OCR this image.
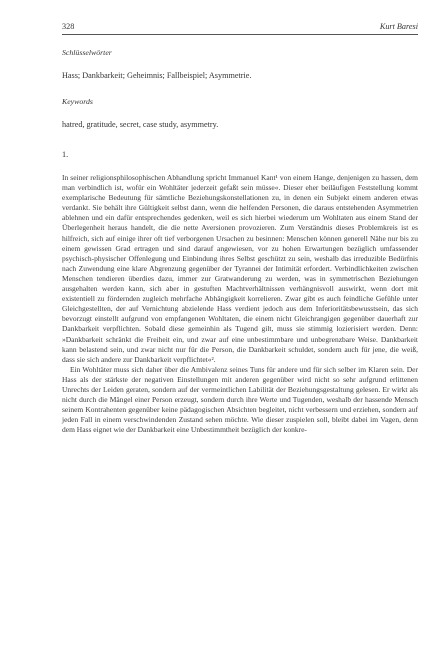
328	Kurt Baresi
Schlüsselwörter
Hass; Dankbarkeit; Geheimnis; Fallbeispiel; Asymmetrie.
Keywords
hatred, gratitude, secret, case study, asymmetry.
1.

In seiner religionsphilosophischen Abhandlung spricht Immanuel Kant¹ von einem Hange, denjenigen zu hassen, dem man verbindlich ist, wofür ein Wohltäter jederzeit gefaßt sein müsse«. Dieser eher beiläufigen Feststellung kommt exemplarische Bedeutung für sämtliche Beziehungskonstellationen zu, in denen ein Subjekt einem anderen etwas verdankt. Sie behält ihre Gültigkeit selbst dann, wenn die helfenden Personen, die daraus entstehenden Asymmetrien ablehnen und ein dafür entsprechendes gedenken, weil es sich hierbei wiederum um Wohltaten aus einem Stand der Überlegenheit heraus handelt, die die nette Aversionen provozieren. Zum Verständnis dieses Problemkreis ist es hilfreich, sich auf einige ihrer oft tief verborgenen Ursachen zu besinnen: Menschen können generell Nähe nur bis zu einem gewissen Grad ertragen und sind darauf angewiesen, vor zu hohen Erwartungen bezüglich umfassender psychisch-physischer Offenlegung und Einbindung ihres Selbst geschützt zu sein, weshalb das irreduzible Bedürfnis nach Zuwendung eine klare Abgrenzung gegenüber der Tyrannei der Intimität erfordert. Verbindlichkeiten zwischen Menschen tendieren überdies dazu, immer zur Gratwanderung zu werden, was in symmetrischen Beziehungen ausgehalten werden kann, sich aber in gestuften Machtverhältnissen verhängnisvoll auswirkt, wenn dort mit existentiell zu fördernden zugleich mehrfache Abhängigkeit korrelieren. Zwar gibt es auch feindliche Gefühle unter Gleichgestellten, der auf Vernichtung abzielende Hass verdient jedoch aus dem Inferioritätsbewusstsein, das sich bevorzugt einstellt aufgrund von empfangenen Wohltaten, die einem nicht Gleichrangigen gegenüber dauerhaft zur Dankbarkeit verpflichten. Sobald diese gemeinhin als Tugend gilt, muss sie stimmig lozierisiert werden. Denn: »Dankbarkeit schränkt die Freiheit ein, und zwar auf eine unbestimmbare und unbegrenzbare Weise. Dankbarkeit kann belastend sein, und zwar nicht nur für die Person, die Dankbarkeit schuldet, sondern auch für jene, die weiß, dass sie sich andere zur Dankbarkeit verpflichtet«².

Ein Wohltäter muss sich daher über die Ambivalenz seines Tuns für andere und für sich selber im Klaren sein. Der Hass als der stärkste der negativen Einstellungen mit anderen gegenüber wird nicht so sehr aufgrund erlittenen Unrechts der Leiden geraten, sondern auf der vermeintlichen Labilität der Beziehungsgestaltung gelesen. Er wirkt als nicht durch die Mängel einer Person erzeugt, sondern durch ihre Werte und Tugenden, weshalb der hassende Mensch seinem Kontrahenten gegenüber keine pädagogischen Absichten begleitet, nicht verbessern und erziehen, sondern auf jeden Fall in einem verschwindenden Zustand sehen möchte. Wie dieser zuspielen soll, bleibt dabei im Vagen, denn dem Hass eignet wie der Dankbarkeit eine Unbestimmtheit bezüglich der konkre-
